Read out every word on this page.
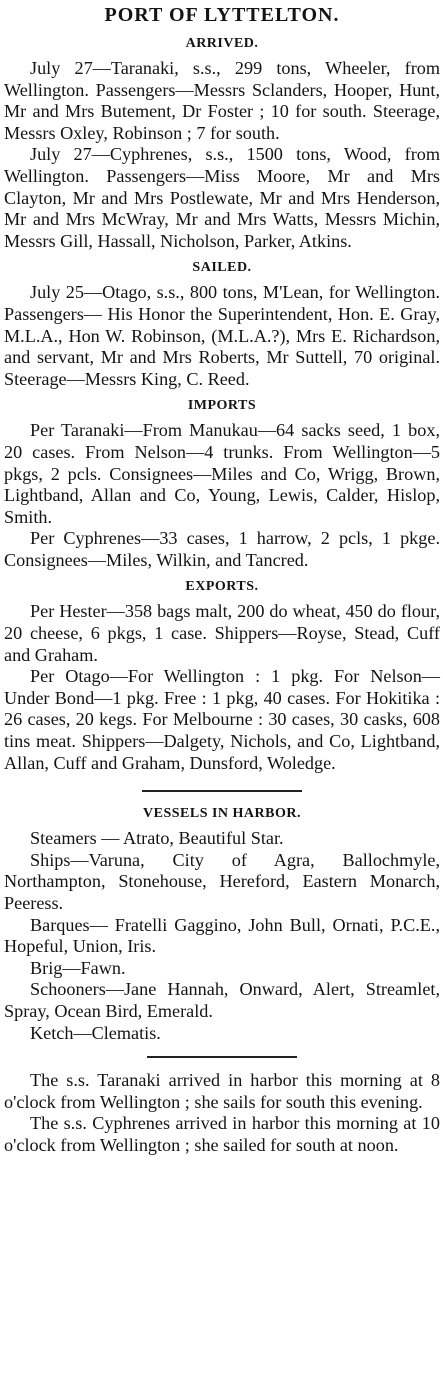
PORT OF LYTTELTON.
ARRIVED.

July 27—Taranaki, s.s., 299 tons, Wheeler, from Wellington. Passengers—Messrs Sclanders, Hooper, Hunt, Mr and Mrs Butement, Dr Foster ; 10 for south. Steerage, Messrs Oxley, Robinson ; 7 for south.

July 27—Cyphrenes, s.s., 1500 tons, Wood, from Wellington. Passengers—Miss Moore, Mr and Mrs Clayton, Mr and Mrs Postlewate, Mr and Mrs Henderson, Mr and Mrs McWray, Mr and Mrs Watts, Messrs Michin, Messrs Gill, Hassall, Nicholson, Parker, Atkins.

SAILED.

July 25—Otago, s.s., 800 tons, M'Lean, for Wellington. Passengers— His Honor the Superintendent, Hon. E. Gray, M.L.A., Hon W. Robinson, (M.L.A.?), Mrs E. Richardson, and servant, Mr and Mrs Roberts, Mr Suttell, 70 original. Steerage—Messrs King, C. Reed.

IMPORTS

Per Taranaki—From Manukau—64 sacks seed, 1 box, 20 cases. From Nelson—4 trunks. From Wellington—5 pkgs, 2 pcls. Consignees—Miles and Co, Wrigg, Brown, Lightband, Allan and Co, Young, Lewis, Calder, Hislop, Smith.

Per Cyphrenes—33 cases, 1 harrow, 2 pcls, 1 pkge. Consignees—Miles, Wilkin, and Tancred.

EXPORTS.

Per Hester—358 bags malt, 200 do wheat, 450 do flour, 20 cheese, 6 pkgs, 1 case. Shippers—Royse, Stead, Cuff and Graham.

Per Otago—For Wellington : 1 pkg. For Nelson—Under Bond—1 pkg. Free : 1 pkg, 40 cases. For Hokitika : 26 cases, 20 kegs. For Melbourne : 30 cases, 30 casks, 608 tins meat. Shippers—Dalgety, Nichols, and Co, Lightband, Allan, Cuff and Graham, Dunsford, Woledge.

VESSELS IN HARBOR.

Steamers — Atrato, Beautiful Star.

Ships—Varuna, City of Agra, Ballochmyle, Northampton, Stonehouse, Hereford, Eastern Monarch, Peeress.

Barques— Fratelli Gaggino, John Bull, Ornati, P.C.E., Hopeful, Union, Iris.

Brig—Fawn.

Schooners—Jane Hannah, Onward, Alert, Streamlet, Spray, Ocean Bird, Emerald.

Ketch—Clematis.

The s.s. Taranaki arrived in harbor this morning at 8 o'clock from Wellington ; she sails for south this evening.

The s.s. Cyphrenes arrived in harbor this morning at 10 o'clock from Wellington ; she sailed for south at noon.
